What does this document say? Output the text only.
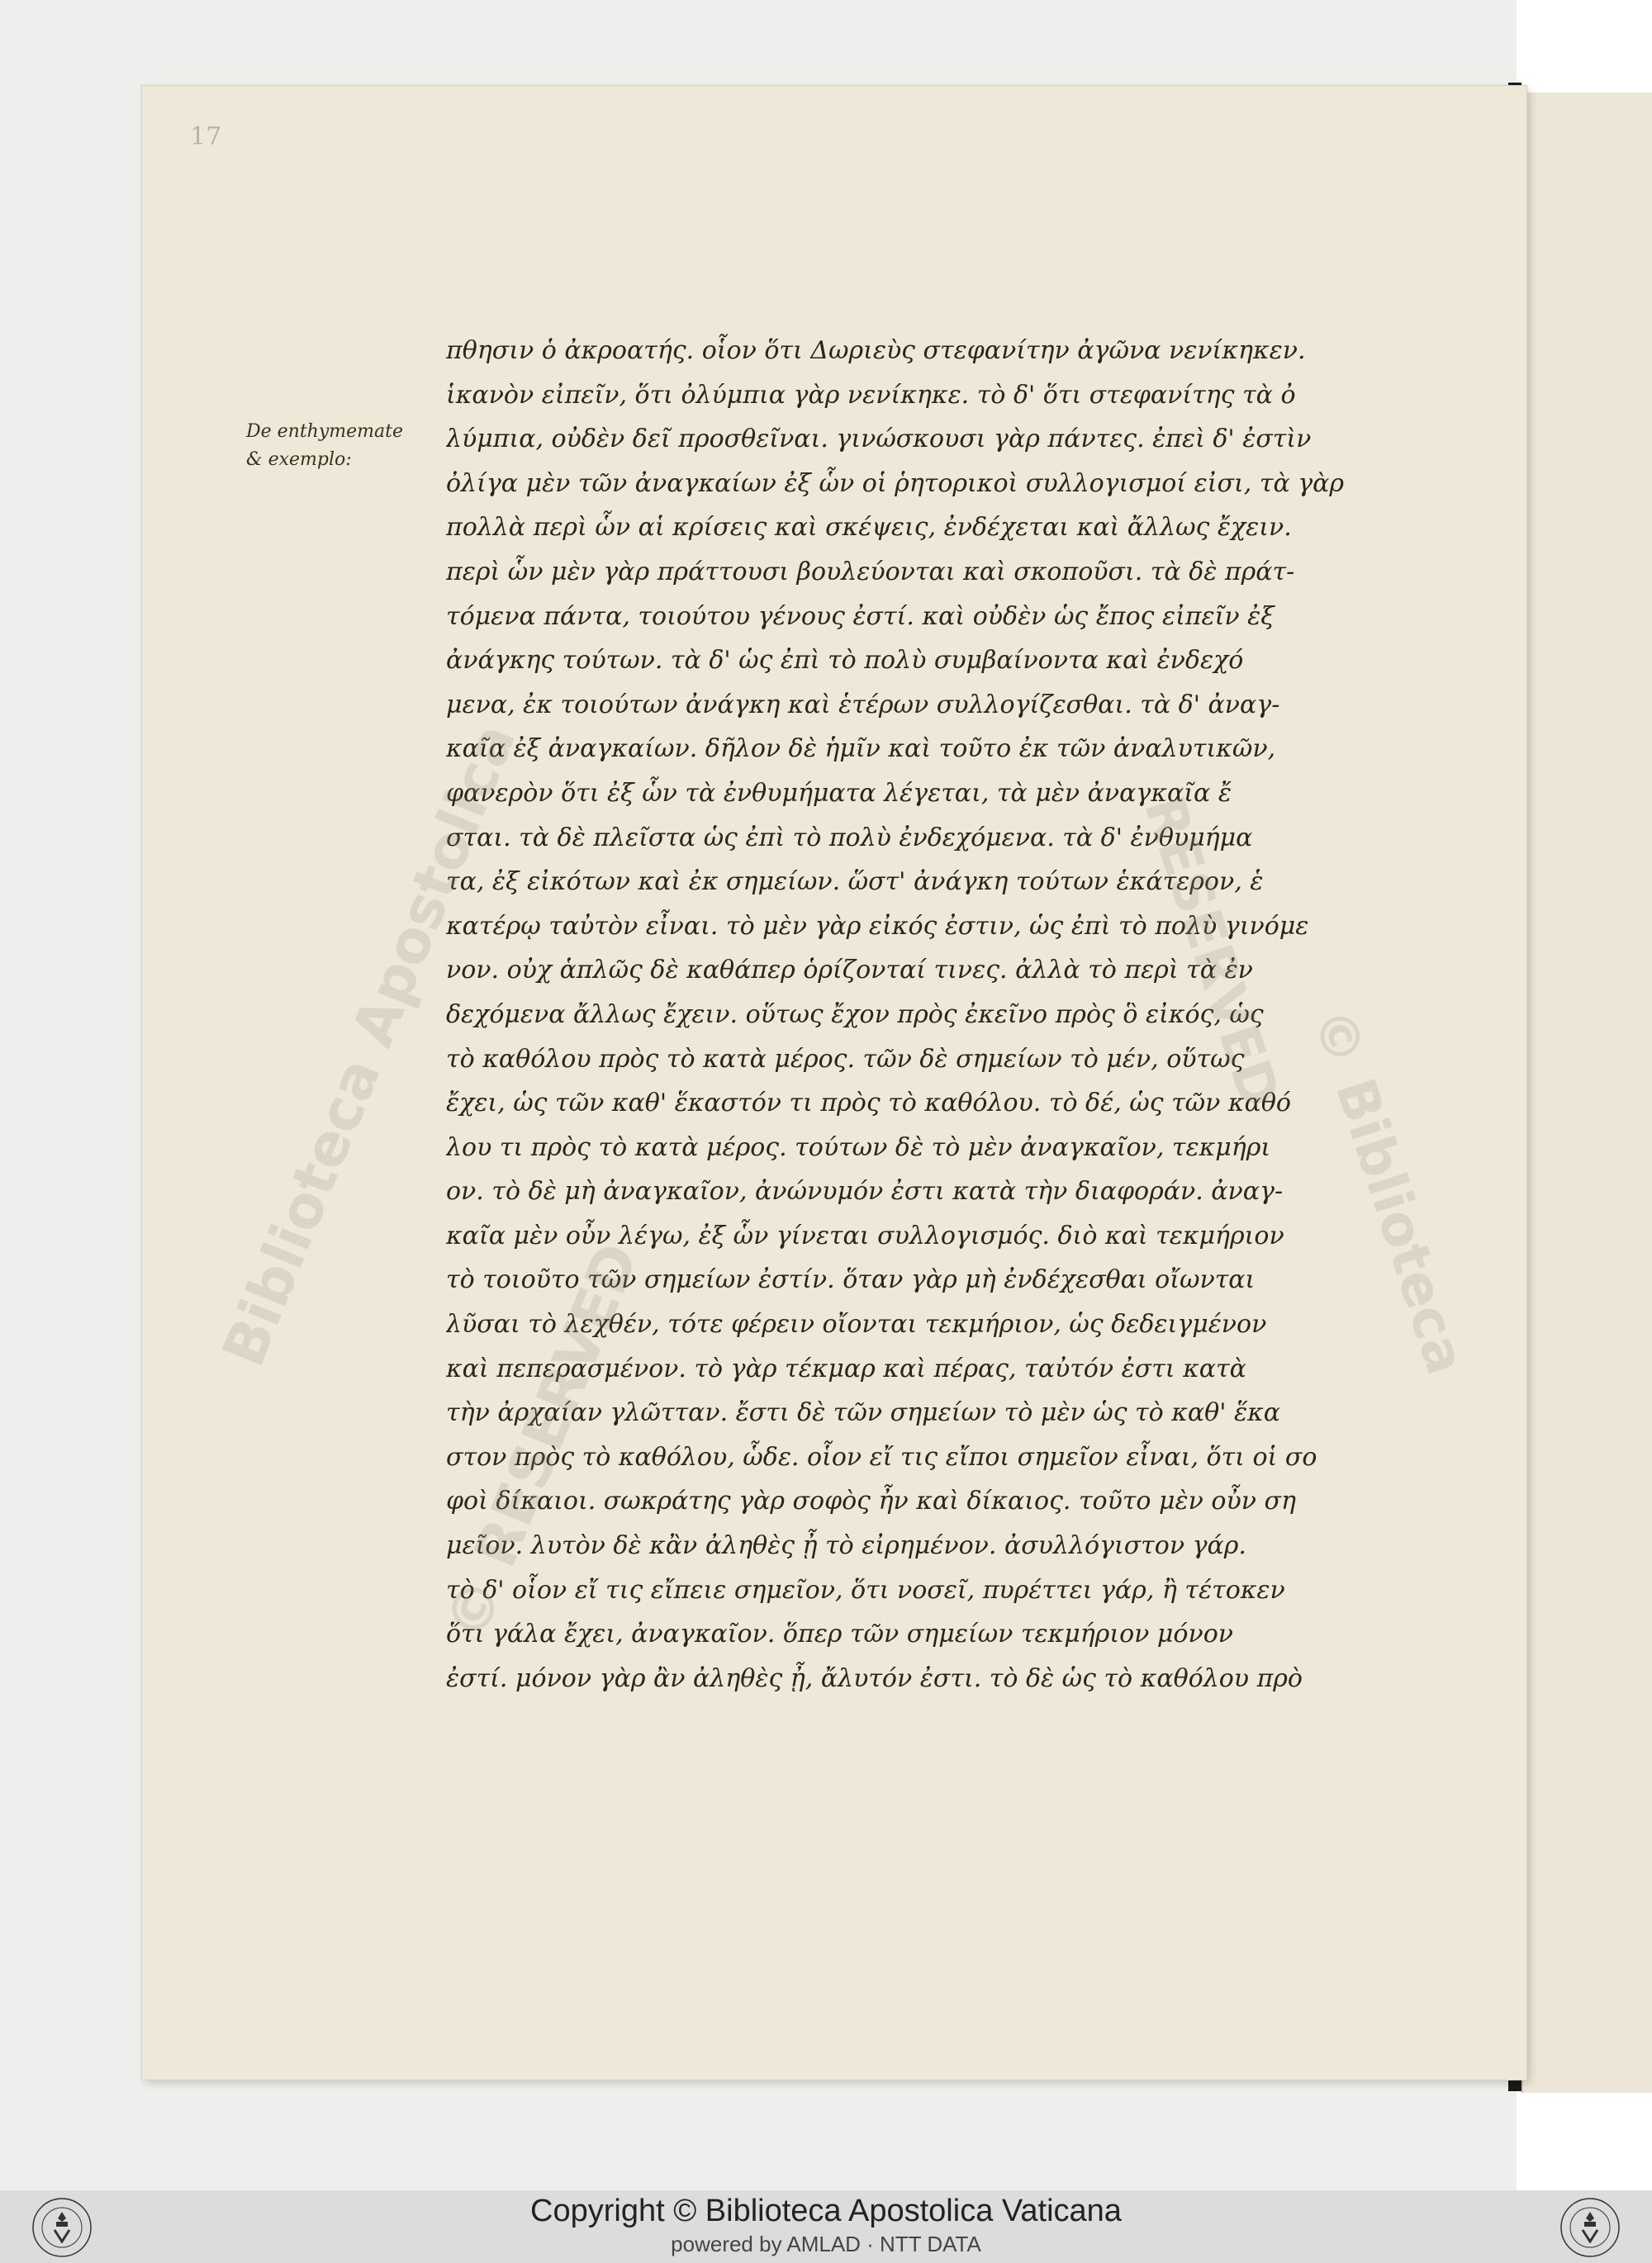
17
De enthymemate
& exemplo:
πθησιν ὁ ἀκροατής. οἷον ὅτι Δωριεὺς στεφανίτην ἀγῶνα νενίκηκεν.
ἱκανὸν εἰπεῖν, ὅτι ὀλύμπια γὰρ νενίκηκε. τὸ δ' ὅτι στεφανίτης τὰ ὀ
λύμπια, οὐδὲν δεῖ προσθεῖναι. γινώσκουσι γὰρ πάντες. ἐπεὶ δ' ἐστὶν
ὀλίγα μὲν τῶν ἀναγκαίων ἐξ ὧν οἱ ῥητορικοὶ συλλογισμοί εἰσι, τὰ γὰρ
πολλὰ περὶ ὧν αἱ κρίσεις καὶ σκέψεις, ἐνδέχεται καὶ ἄλλως ἔχειν.
περὶ ὧν μὲν γὰρ πράττουσι βουλεύονται καὶ σκοποῦσι. τὰ δὲ πράτ-
τόμενα πάντα, τοιούτου γένους ἐστί. καὶ οὐδὲν ὡς ἔπος εἰπεῖν ἐξ
ἀνάγκης τούτων. τὰ δ' ὡς ἐπὶ τὸ πολὺ συμβαίνοντα καὶ ἐνδεχό
μενα, ἐκ τοιούτων ἀνάγκη καὶ ἑτέρων συλλογίζεσθαι. τὰ δ' ἀναγ-
καῖα ἐξ ἀναγκαίων. δῆλον δὲ ἡμῖν καὶ τοῦτο ἐκ τῶν ἀναλυτικῶν,
φανερὸν ὅτι ἐξ ὧν τὰ ἐνθυμήματα λέγεται, τὰ μὲν ἀναγκαῖα ἔ
σται. τὰ δὲ πλεῖστα ὡς ἐπὶ τὸ πολὺ ἐνδεχόμενα. τὰ δ' ἐνθυμήμα
τα, ἐξ εἰκότων καὶ ἐκ σημείων. ὥστ' ἀνάγκη τούτων ἑκάτερον, ἑ
κατέρῳ ταὐτὸν εἶναι. τὸ μὲν γὰρ εἰκός ἐστιν, ὡς ἐπὶ τὸ πολὺ γινόμε
νον. οὐχ ἁπλῶς δὲ καθάπερ ὁρίζονταί τινες. ἀλλὰ τὸ περὶ τὰ ἐν
δεχόμενα ἄλλως ἔχειν. οὕτως ἔχον πρὸς ἐκεῖνο πρὸς ὃ εἰκός, ὡς
τὸ καθόλου πρὸς τὸ κατὰ μέρος. τῶν δὲ σημείων τὸ μέν, οὕτως
ἔχει, ὡς τῶν καθ' ἕκαστόν τι πρὸς τὸ καθόλου. τὸ δέ, ὡς τῶν καθό
λου τι πρὸς τὸ κατὰ μέρος. τούτων δὲ τὸ μὲν ἀναγκαῖον, τεκμήρι
ον. τὸ δὲ μὴ ἀναγκαῖον, ἀνώνυμόν ἐστι κατὰ τὴν διαφοράν. ἀναγ-
καῖα μὲν οὖν λέγω, ἐξ ὧν γίνεται συλλογισμός. διὸ καὶ τεκμήριον
τὸ τοιοῦτο τῶν σημείων ἐστίν. ὅταν γὰρ μὴ ἐνδέχεσθαι οἴωνται
λῦσαι τὸ λεχθέν, τότε φέρειν οἴονται τεκμήριον, ὡς δεδειγμένον
καὶ πεπερασμένον. τὸ γὰρ τέκμαρ καὶ πέρας, ταὐτόν ἐστι κατὰ
τὴν ἀρχαίαν γλῶτταν. ἔστι δὲ τῶν σημείων τὸ μὲν ὡς τὸ καθ' ἕκα
στον πρὸς τὸ καθόλου, ὧδε. οἷον εἴ τις εἴποι σημεῖον εἶναι, ὅτι οἱ σο
φοὶ δίκαιοι. σωκράτης γὰρ σοφὸς ἦν καὶ δίκαιος. τοῦτο μὲν οὖν ση
μεῖον. λυτὸν δὲ κἂν ἀληθὲς ᾖ τὸ εἰρημένον. ἀσυλλόγιστον γάρ.
τὸ δ' οἷον εἴ τις εἴπειε σημεῖον, ὅτι νοσεῖ, πυρέττει γάρ, ἢ τέτοκεν
ὅτι γάλα ἔχει, ἀναγκαῖον. ὅπερ τῶν σημείων τεκμήριον μόνον
ἐστί. μόνον γὰρ ἂν ἀληθὲς ᾖ, ἄλυτόν ἐστι. τὸ δὲ ὡς τὸ καθόλου πρὸ
Biblioteca Apostolica
© RESERVED
© Biblioteca
RESERVED
Copyright © Biblioteca Apostolica Vaticana
powered by AMLAD · NTT DATA
